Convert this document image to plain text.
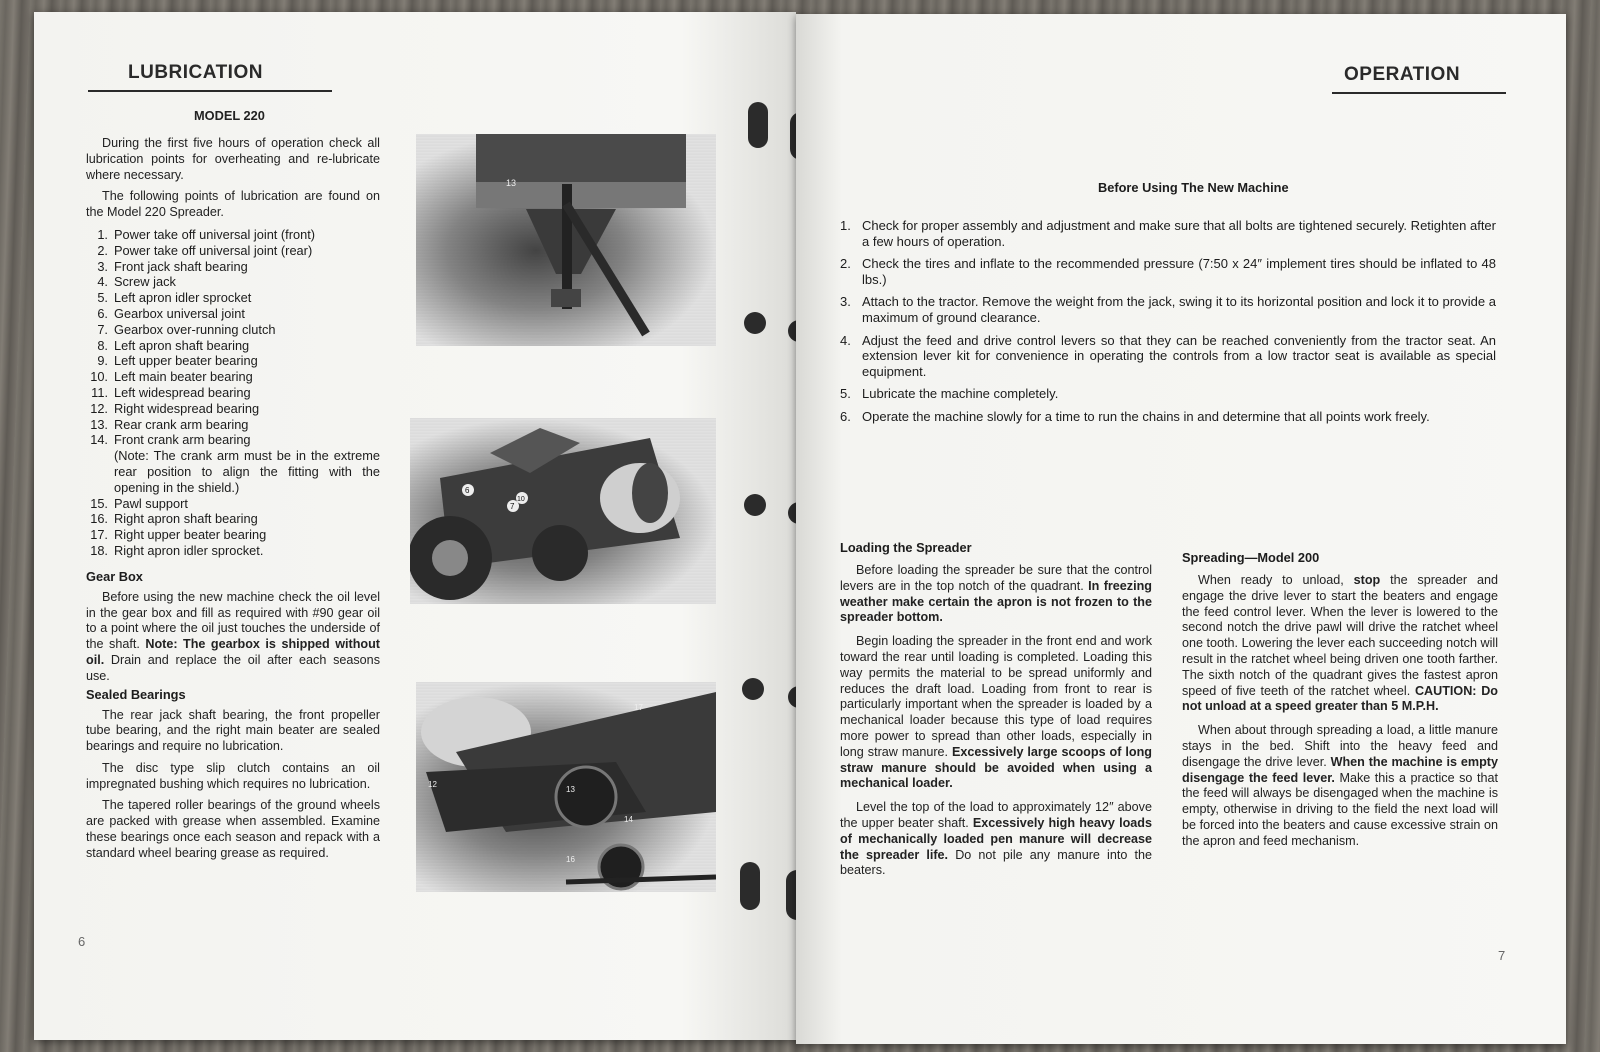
LUBRICATION
MODEL 220

During the first five hours of operation check all lubrication points for overheating and re-lubricate where necessary.

The following points of lubrication are found on the Model 220 Spreader.

1. Power take off universal joint (front)
2. Power take off universal joint (rear)
3. Front jack shaft bearing
4. Screw jack
5. Left apron idler sprocket
6. Gearbox universal joint
7. Gearbox over-running clutch
8. Left apron shaft bearing
9. Left upper beater bearing
10. Left main beater bearing
11. Left widespread bearing
12. Right widespread bearing
13. Rear crank arm bearing
14. Front crank arm bearing
(Note: The crank arm must be in the extreme rear position to align the fitting with the opening in the shield.)
15. Pawl support
16. Right apron shaft bearing
17. Right upper beater bearing
18. Right apron idler sprocket.

Gear Box

Before using the new machine check the oil level in the gear box and fill as required with #90 gear oil to a point where the oil just touches the underside of the shaft. Note: The gearbox is shipped without oil. Drain and replace the oil after each seasons use.

Sealed Bearings

The rear jack shaft bearing, the front propeller tube bearing, and the right main beater are sealed bearings and require no lubrication.

The disc type slip clutch contains an oil impregnated bushing which requires no lubrication.

The tapered roller bearings of the ground wheels are packed with grease when assembled. Examine these bearings once each season and repack with a standard wheel bearing grease as required.

13
6
7
10
17
12
13
14
16
6
OPERATION
Before Using The New Machine
1. Check for proper assembly and adjustment and make sure that all bolts are tightened securely. Retighten after a few hours of operation.
2. Check the tires and inflate to the recommended pressure (7:50 x 24″ implement tires should be inflated to 48 lbs.)
3. Attach to the tractor. Remove the weight from the jack, swing it to its horizontal position and lock it to provide a maximum of ground clearance.
4. Adjust the feed and drive control levers so that they can be reached conveniently from the tractor seat. An extension lever kit for convenience in operating the controls from a low tractor seat is available as special equipment.
5. Lubricate the machine completely.
6. Operate the machine slowly for a time to run the chains in and determine that all points work freely.

Loading the Spreader

Before loading the spreader be sure that the control levers are in the top notch of the quadrant. In freezing weather make certain the apron is not frozen to the spreader bottom.

Begin loading the spreader in the front end and work toward the rear until loading is completed. Loading this way permits the material to be spread uniformly and reduces the draft load. Loading from front to rear is particularly important when the spreader is loaded by a mechanical loader because this type of load requires more power to spread than other loads, especially in long straw manure. Excessively large scoops of long straw manure should be avoided when using a mechanical loader.

Level the top of the load to approximately 12″ above the upper beater shaft. Excessively high heavy loads of mechanically loaded pen manure will decrease the spreader life. Do not pile any manure into the beaters.

Spreading—Model 200

When ready to unload, stop the spreader and engage the drive lever to start the beaters and engage the feed control lever. When the lever is lowered to the second notch the drive pawl will drive the ratchet wheel one tooth. Lowering the lever each succeeding notch will result in the ratchet wheel being driven one tooth farther. The sixth notch of the quadrant gives the fastest apron speed of five teeth of the ratchet wheel. CAUTION: Do not unload at a speed greater than 5 M.P.H.

When about through spreading a load, a little manure stays in the bed. Shift into the heavy feed and disengage the drive lever. When the machine is empty disengage the feed lever. Make this a practice so that the feed will always be disengaged when the machine is empty, otherwise in driving to the field the next load will be forced into the beaters and cause excessive strain on the apron and feed mechanism.

7
